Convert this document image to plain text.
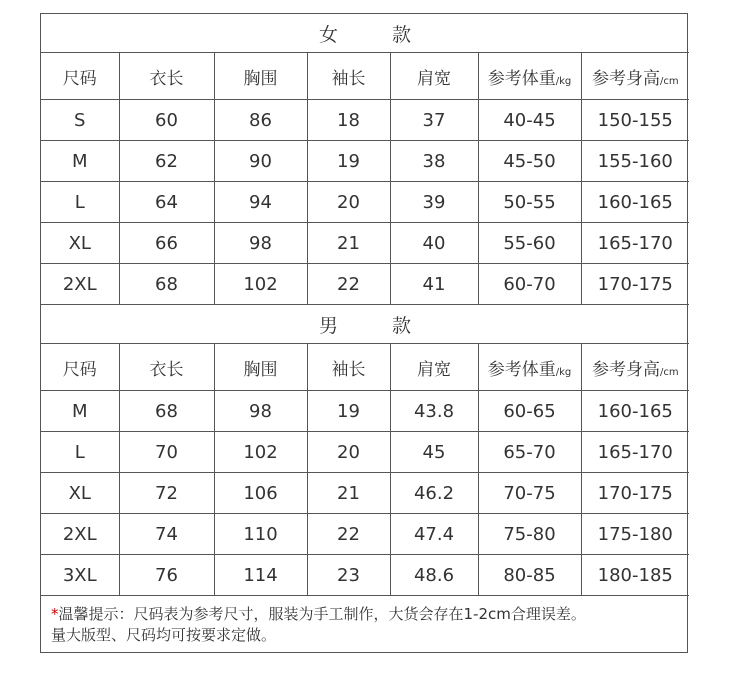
女 款						
尺码	衣长	胸围	袖长	肩宽	参考体重/kg	参考身高/cm
S	60	86	18	37	40-45	150-155
M	62	90	19	38	45-50	155-160
L	64	94	20	39	50-55	160-165
XL	66	98	21	40	55-60	165-170
2XL	68	102	22	41	60-70	170-175
男 款						
尺码	衣长	胸围	袖长	肩宽	参考体重/kg	参考身高/cm
M	68	98	19	43.8	60-65	160-165
L	70	102	20	45	65-70	165-170
XL	72	106	21	46.2	70-75	170-175
2XL	74	110	22	47.4	75-80	175-180
3XL	76	114	23	48.6	80-85	180-185
*温馨提示：尺码表为参考尺寸，服装为手工制作，大货会存在1-2cm合理误差。
量大版型、尺码均可按要求定做。
